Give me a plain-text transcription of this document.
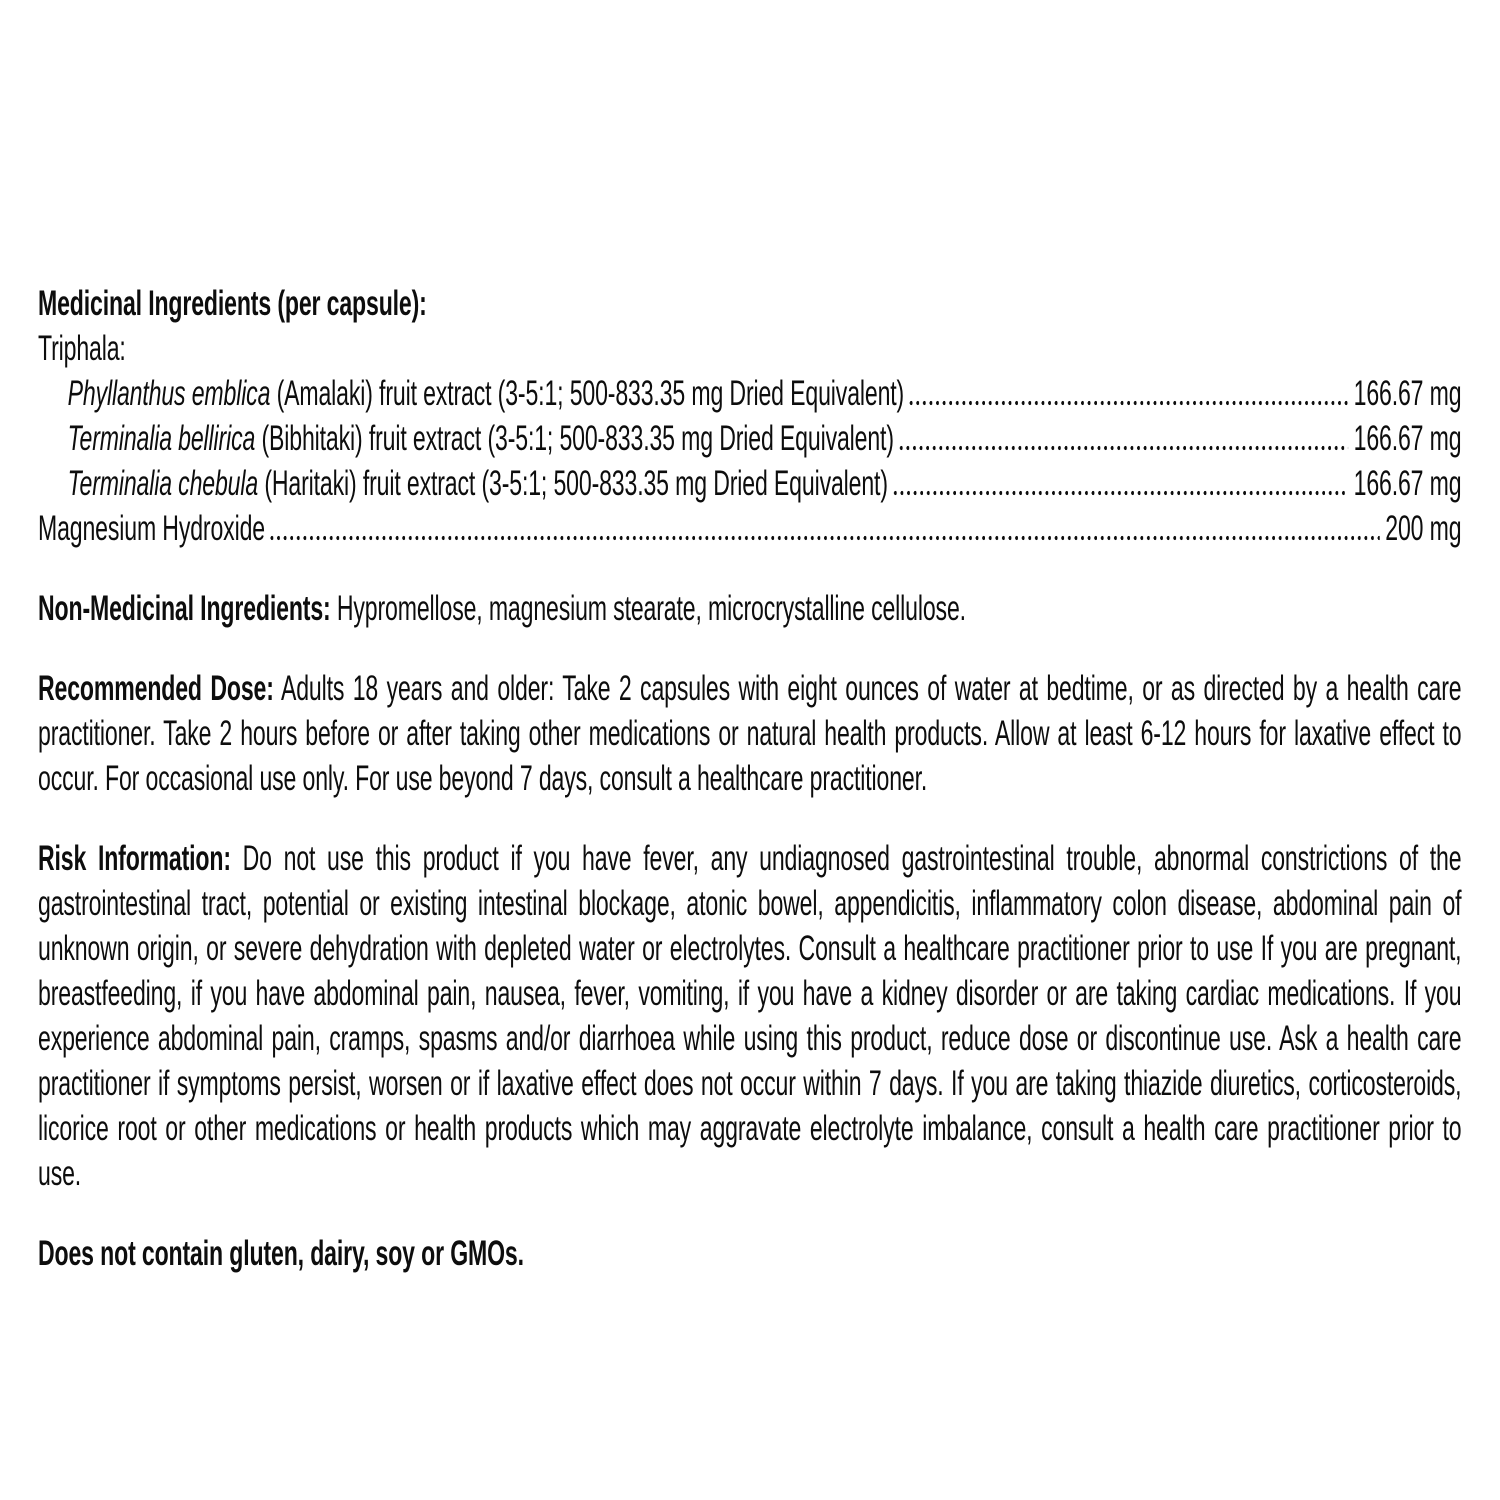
Medicinal Ingredients (per capsule):
Triphala:
Phyllanthus emblica (Amalaki) fruit extract (3-5:1; 500-833.35 mg Dried Equivalent)	166.67 mg
Terminalia bellirica (Bibhitaki) fruit extract (3-5:1; 500-833.35 mg Dried Equivalent)	166.67 mg
Terminalia chebula (Haritaki) fruit extract (3-5:1; 500-833.35 mg Dried Equivalent)	166.67 mg
Magnesium Hydroxide	200 mg

Non-Medicinal Ingredients: Hypromellose, magnesium stearate, microcrystalline cellulose.

Recommended Dose: Adults 18 years and older: Take 2 capsules with eight ounces of water at bedtime, or as directed by a health care practitioner. Take 2 hours before or after taking other medications or natural health products. Allow at least 6-12 hours for laxative effect to occur. For occasional use only. For use beyond 7 days, consult a healthcare practitioner.

Risk Information: Do not use this product if you have fever, any undiagnosed gastrointestinal trouble, abnormal constrictions of the gastrointestinal tract, potential or existing intestinal blockage, atonic bowel, appendicitis, inflammatory colon disease, abdominal pain of unknown origin, or severe dehydration with depleted water or electrolytes. Consult a healthcare practitioner prior to use If you are pregnant, breastfeeding, if you have abdominal pain, nausea, fever, vomiting, if you have a kidney disorder or are taking cardiac medications. If you experience abdominal pain, cramps, spasms and/or diarrhoea while using this product, reduce dose or discontinue use. Ask a health care practitioner if symptoms persist, worsen or if laxative effect does not occur within 7 days. If you are taking thiazide diuretics, corticosteroids, licorice root or other medications or health products which may aggravate electrolyte imbalance, consult a health care practitioner prior to use.

Does not contain gluten, dairy, soy or GMOs.
